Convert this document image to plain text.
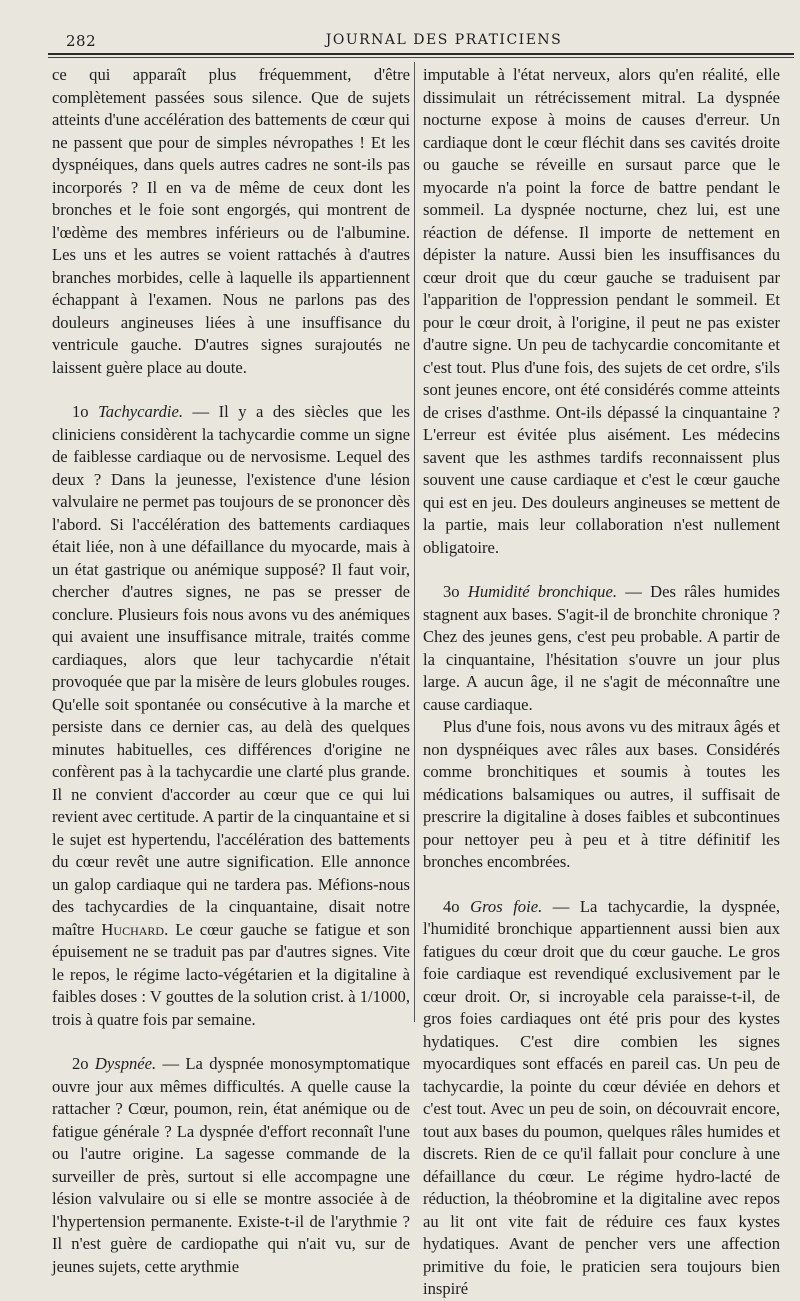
282	JOURNAL DES PRATICIENS

ce qui apparaît plus fréquemment, d'être complètement passées sous silence. Que de sujets atteints d'une accélération des battements de cœur qui ne passent que pour de simples névropathes ! Et les dyspnéiques, dans quels autres cadres ne sont-ils pas incorporés ? Il en va de même de ceux dont les bronches et le foie sont engorgés, qui montrent de l'œdème des membres inférieurs ou de l'albumine. Les uns et les autres se voient rattachés à d'autres branches morbides, celle à laquelle ils appartiennent échappant à l'examen. Nous ne parlons pas des douleurs angineuses liées à une insuffisance du ventricule gauche. D'autres signes surajoutés ne laissent guère place au doute.

1o Tachycardie. — Il y a des siècles que les cliniciens considèrent la tachycardie comme un signe de faiblesse cardiaque ou de nervosisme. Lequel des deux ? Dans la jeunesse, l'existence d'une lésion valvulaire ne permet pas toujours de se prononcer dès l'abord. Si l'accélération des battements cardiaques était liée, non à une défaillance du myocarde, mais à un état gastrique ou anémique supposé? Il faut voir, chercher d'autres signes, ne pas se presser de conclure. Plusieurs fois nous avons vu des anémiques qui avaient une insuffisance mitrale, traités comme cardiaques, alors que leur tachycardie n'était provoquée que par la misère de leurs globules rouges. Qu'elle soit spontanée ou consécutive à la marche et persiste dans ce dernier cas, au delà des quelques minutes habituelles, ces différences d'origine ne confèrent pas à la tachycardie une clarté plus grande. Il ne convient d'accorder au cœur que ce qui lui revient avec certitude. A partir de la cinquantaine et si le sujet est hypertendu, l'accélération des battements du cœur revêt une autre signification. Elle annonce un galop cardiaque qui ne tardera pas. Méfions-nous des tachycardies de la cinquantaine, disait notre maître Huchard. Le cœur gauche se fatigue et son épuisement ne se traduit pas par d'autres signes. Vite le repos, le régime lacto-végétarien et la digitaline à faibles doses : V gouttes de la solution crist. à 1/1000, trois à quatre fois par semaine.

2o Dyspnée. — La dyspnée monosymptomatique ouvre jour aux mêmes difficultés. A quelle cause la rattacher ? Cœur, poumon, rein, état anémique ou de fatigue générale ? La dyspnée d'effort reconnaît l'une ou l'autre origine. La sagesse commande de la surveiller de près, surtout si elle accompagne une lésion valvulaire ou si elle se montre associée à de l'hypertension permanente. Existe-t-il de l'arythmie ? Il n'est guère de cardiopathe qui n'ait vu, sur de jeunes sujets, cette arythmie

imputable à l'état nerveux, alors qu'en réalité, elle dissimulait un rétrécissement mitral. La dyspnée nocturne expose à moins de causes d'erreur. Un cardiaque dont le cœur fléchit dans ses cavités droite ou gauche se réveille en sursaut parce que le myocarde n'a point la force de battre pendant le sommeil. La dyspnée nocturne, chez lui, est une réaction de défense. Il importe de nettement en dépister la nature. Aussi bien les insuffisances du cœur droit que du cœur gauche se traduisent par l'apparition de l'oppression pendant le sommeil. Et pour le cœur droit, à l'origine, il peut ne pas exister d'autre signe. Un peu de tachycardie concomitante et c'est tout. Plus d'une fois, des sujets de cet ordre, s'ils sont jeunes encore, ont été considérés comme atteints de crises d'asthme. Ont-ils dépassé la cinquantaine ? L'erreur est évitée plus aisément. Les médecins savent que les asthmes tardifs reconnaissent plus souvent une cause cardiaque et c'est le cœur gauche qui est en jeu. Des douleurs angineuses se mettent de la partie, mais leur collaboration n'est nullement obligatoire.

3o Humidité bronchique. — Des râles humides stagnent aux bases. S'agit-il de bronchite chronique ? Chez des jeunes gens, c'est peu probable. A partir de la cinquantaine, l'hésitation s'ouvre un jour plus large. A aucun âge, il ne s'agit de méconnaître une cause cardiaque.

Plus d'une fois, nous avons vu des mitraux âgés et non dyspnéiques avec râles aux bases. Considérés comme bronchitiques et soumis à toutes les médications balsamiques ou autres, il suffisait de prescrire la digitaline à doses faibles et subcontinues pour nettoyer peu à peu et à titre définitif les bronches encombrées.

4o Gros foie. — La tachycardie, la dyspnée, l'humidité bronchique appartiennent aussi bien aux fatigues du cœur droit que du cœur gauche. Le gros foie cardiaque est revendiqué exclusivement par le cœur droit. Or, si incroyable cela paraisse-t-il, de gros foies cardiaques ont été pris pour des kystes hydatiques. C'est dire combien les signes myocardiques sont effacés en pareil cas. Un peu de tachycardie, la pointe du cœur déviée en dehors et c'est tout. Avec un peu de soin, on découvrait encore, tout aux bases du poumon, quelques râles humides et discrets. Rien de ce qu'il fallait pour conclure à une défaillance du cœur. Le régime hydro-lacté de réduction, la théobromine et la digitaline avec repos au lit ont vite fait de réduire ces faux kystes hydatiques. Avant de pencher vers une affection primitive du foie, le praticien sera toujours bien inspiré
